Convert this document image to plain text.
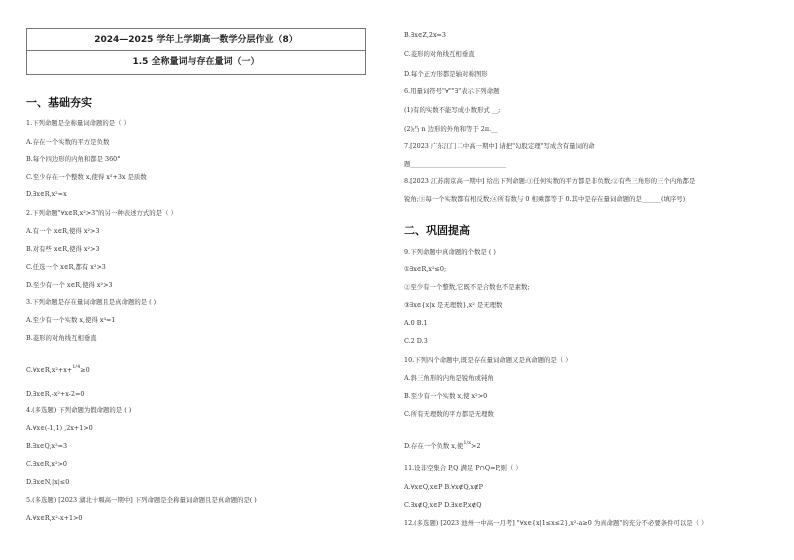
2024—2025 学年上学期高一数学分层作业（8）
1.5 全称量词与存在量词（一）
一、基础夯实
1.下列命题是全称量词命题的是（ ）
A.存在一个实数的平方是负数
B.每个四边形的内角和都是 360°
C.至少存在一个整数 x,使得 x²+3x 是质数
D.∃x∈R,x²=x
2.下列命题"∀x∈R,x²>3"的另一种表述方式的是（ ）
A.有一个 x∈R,使得 x²>3
B.对有些 x∈R,使得 x²>3
C.任选一个 x∈R,都有 x²>3
D.至少有一个 x∈R,使得 x²>3
3.下列命题是存在量词命题且是真命题的是 ( )
A.至少有一个实数 x,使得 x³=1
B.菱形的对角线互相垂直
C.∀x∈R,x²+x+$^{1/4}$≥0
D.∃x∈R,-x²+x-2=0
4.(多选题) 下列命题为假命题的是 ( )
A.∀x∈(-1,1) ,2x+1>0
B.∃x∈Q,x²=3
C.∃x∈R,x²>0
D.∃x∈N,|x|≤0
5.(多选题) [2023 湖北十堰高一期中] 下列命题是全称量词命题且是真命题的是( )
A.∀x∈R,x²-x+1>0
B.∃x∈Z,2x=3
C.菱形的对角线互相垂直
D.每个正方形都是轴对称图形
6.用量词符号"∀""∃"表示下列命题
(1)有的实数不能写成小数形式 __;
(2)凸 n 边形的外角和等于 2π.__
7.[2023 广东江门二中高一期中] 请把"勾股定理"写成含有量词的命
题______________________________
8.[2023 江苏南京高一期中] 给出下列命题:①任何实数的平方都是非负数;②有些三角形的三个内角都是
锐角;③每一个实数都有相反数;④所有数与 0 相乘都等于 0.其中是存在量词命题的是______(填序号)
二、巩固提高
9.下列命题中真命题的个数是 ( )
①∃x∈R,x²≤0;
②至少有一个整数,它既不是合数也不是素数;
③∃x∈{x|x 是无理数},x² 是无理数
A.0 B.1
C.2 D.3
10.下列四个命题中,既是存在量词命题又是真命题的是（ ）
A.斜三角形的内角是锐角或钝角
B.至少有一个实数 x,使 x²>0
C.所有无理数的平方都是无理数
D.存在一个负数 x,使$^{1/x}$>2
11.设非空集合 P,Q 满足 P∩Q=P,则（ ）
A.∀x∈Q,x∈P B.∀x∉Q,x∉P
C.∃x∉Q,x∈P D.∃x∈P,x∉Q
12.(多选题) [2023 池州一中高一月考] "∀x∈{x|1≤x≤2},x²-a≥0 为真命题"的充分不必要条件可以是（ ）
